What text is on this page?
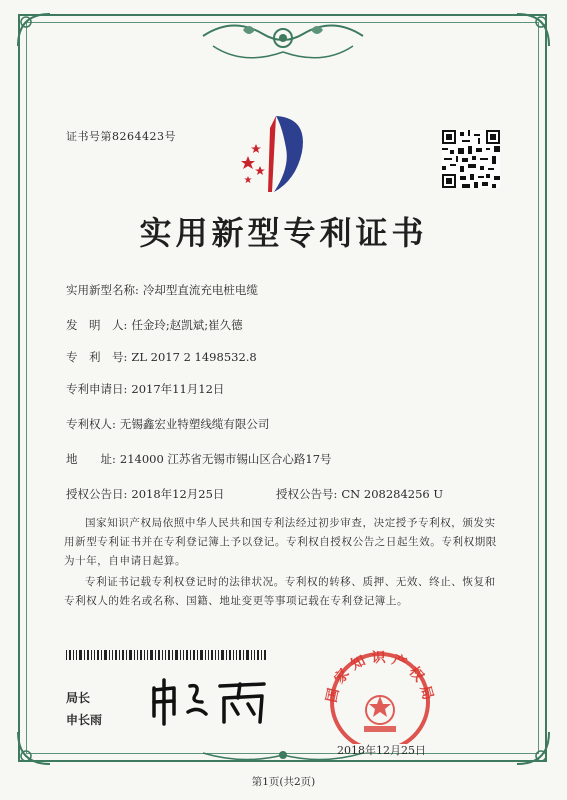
证书号第8264423号
实用新型专利证书
实用新型名称: 冷却型直流充电桩电缆
发　明　人: 任金玲;赵凯斌;崔久德
专　利　号: ZL 2017 2 1498532.8
专利申请日: 2017年11月12日
专利权人: 无锡鑫宏业特塑线缆有限公司
地　　址: 214000 江苏省无锡市锡山区合心路17号
授权公告日: 2018年12月25日	授权公告号: CN 208284256 U
国家知识产权局依照中华人民共和国专利法经过初步审查，决定授予专利权，颁发实用新型专利证书并在专利登记簿上予以登记。专利权自授权公告之日起生效。专利权期限为十年，自申请日起算。
专利证书记载专利权登记时的法律状况。专利权的转移、质押、无效、终止、恢复和专利权人的姓名或名称、国籍、地址变更等事项记载在专利登记簿上。
局长
申长雨
国家知识产权局
2018年12月25日
第1页(共2页)
